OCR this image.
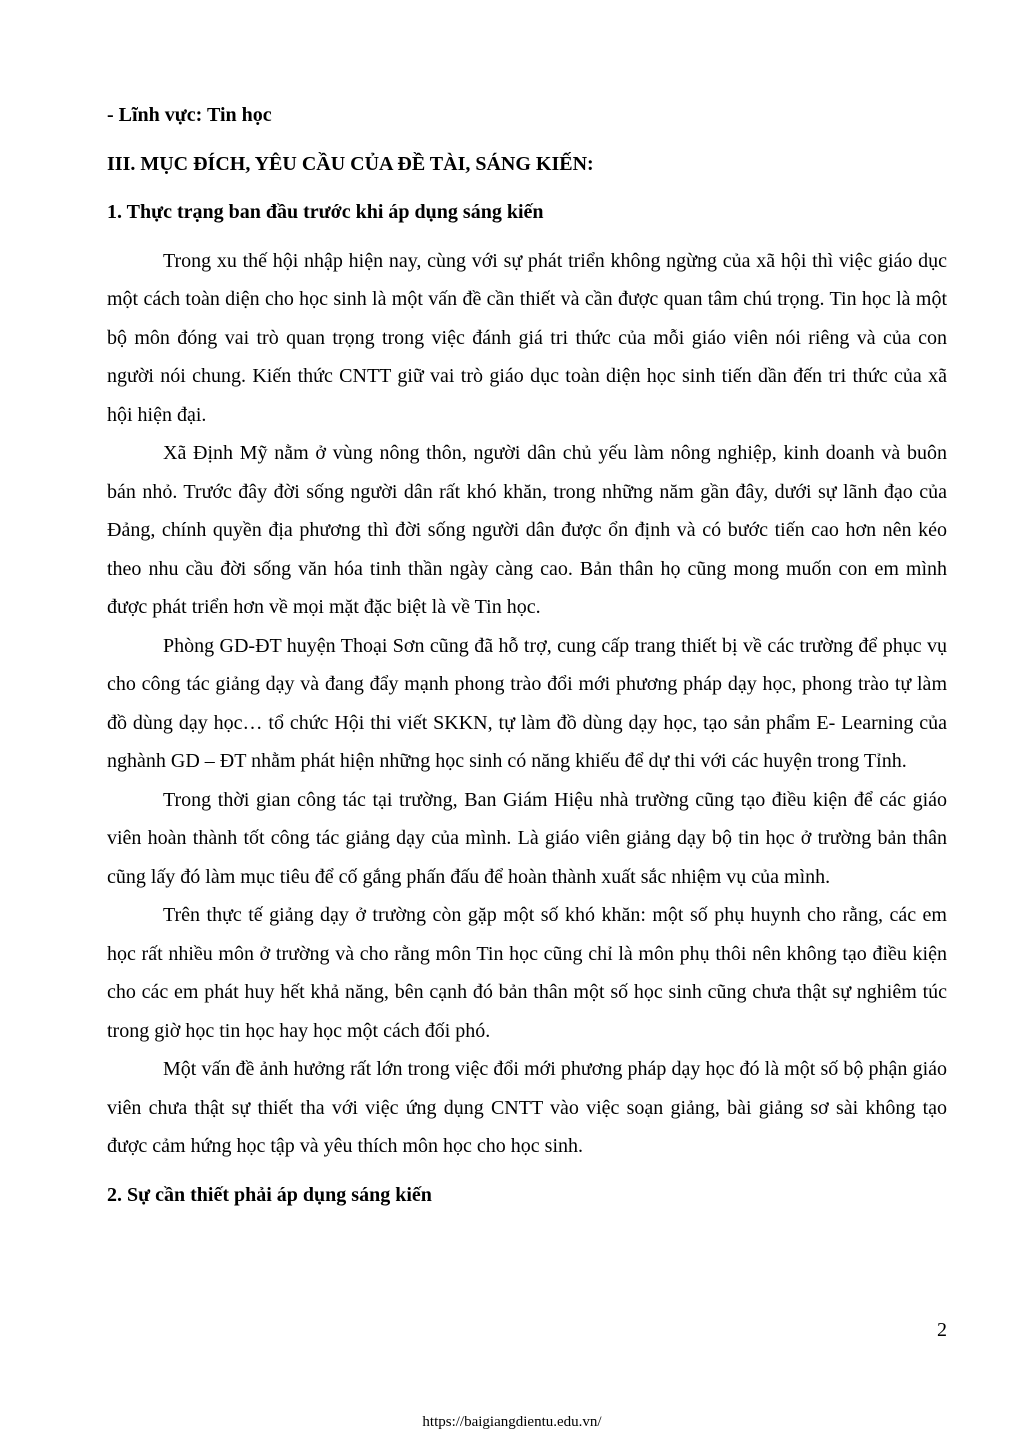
- Lĩnh vực: Tin học

III. MỤC ĐÍCH, YÊU CẦU CỦA ĐỀ TÀI, SÁNG KIẾN:

1. Thực trạng ban đầu trước khi áp dụng sáng kiến

Trong xu thế hội nhập hiện nay, cùng với sự phát triển không ngừng của xã hội thì việc giáo dục một cách toàn diện cho học sinh là một vấn đề cần thiết và cần được quan tâm chú trọng. Tin học là một bộ môn đóng vai trò quan trọng trong việc đánh giá tri thức của mỗi giáo viên nói riêng và của con người nói chung. Kiến thức CNTT giữ vai trò giáo dục toàn diện học sinh tiến dần đến tri thức của xã hội hiện đại.

Xã Định Mỹ nằm ở vùng nông thôn, người dân chủ yếu làm nông nghiệp, kinh doanh và buôn bán nhỏ. Trước đây đời sống người dân rất khó khăn, trong những năm gần đây, dưới sự lãnh đạo của Đảng, chính quyền địa phương thì đời sống người dân được ổn định và có bước tiến cao hơn nên kéo theo nhu cầu đời sống văn hóa tinh thần ngày càng cao. Bản thân họ cũng mong muốn con em mình được phát triển hơn về mọi mặt đặc biệt là về Tin học.

Phòng GD-ĐT huyện Thoại Sơn cũng đã hỗ trợ, cung cấp trang thiết bị về các trường để phục vụ cho công tác giảng dạy và đang đẩy mạnh phong trào đổi mới phương pháp dạy học, phong trào tự làm đồ dùng dạy học… tổ chức Hội thi viết SKKN, tự làm đồ dùng dạy học, tạo sản phẩm E- Learning của nghành GD – ĐT nhằm phát hiện những học sinh có năng khiếu để dự thi với các huyện trong Tỉnh.

Trong thời gian công tác tại trường, Ban Giám Hiệu nhà trường cũng tạo điều kiện để các giáo viên hoàn thành tốt công tác giảng dạy của mình. Là giáo viên giảng dạy bộ tin học ở trường bản thân cũng lấy đó làm mục tiêu để cố gắng phấn đấu để hoàn thành xuất sắc nhiệm vụ của mình.

Trên thực tế giảng dạy ở trường còn gặp một số khó khăn: một số phụ huynh cho rằng, các em học rất nhiều môn ở trường và cho rằng môn Tin học cũng chỉ là môn phụ thôi nên không tạo điều kiện cho các em phát huy hết khả năng, bên cạnh đó bản thân một số học sinh cũng chưa thật sự nghiêm túc trong giờ học tin học hay học một cách đối phó.

Một vấn đề ảnh hưởng rất lớn trong việc đổi mới phương pháp dạy học đó là một số bộ phận giáo viên chưa thật sự thiết tha với việc ứng dụng CNTT vào việc soạn giảng, bài giảng sơ sài không tạo được cảm hứng học tập và yêu thích môn học cho học sinh.

2. Sự cần thiết phải áp dụng sáng kiến

2
https://baigiangdientu.edu.vn/
